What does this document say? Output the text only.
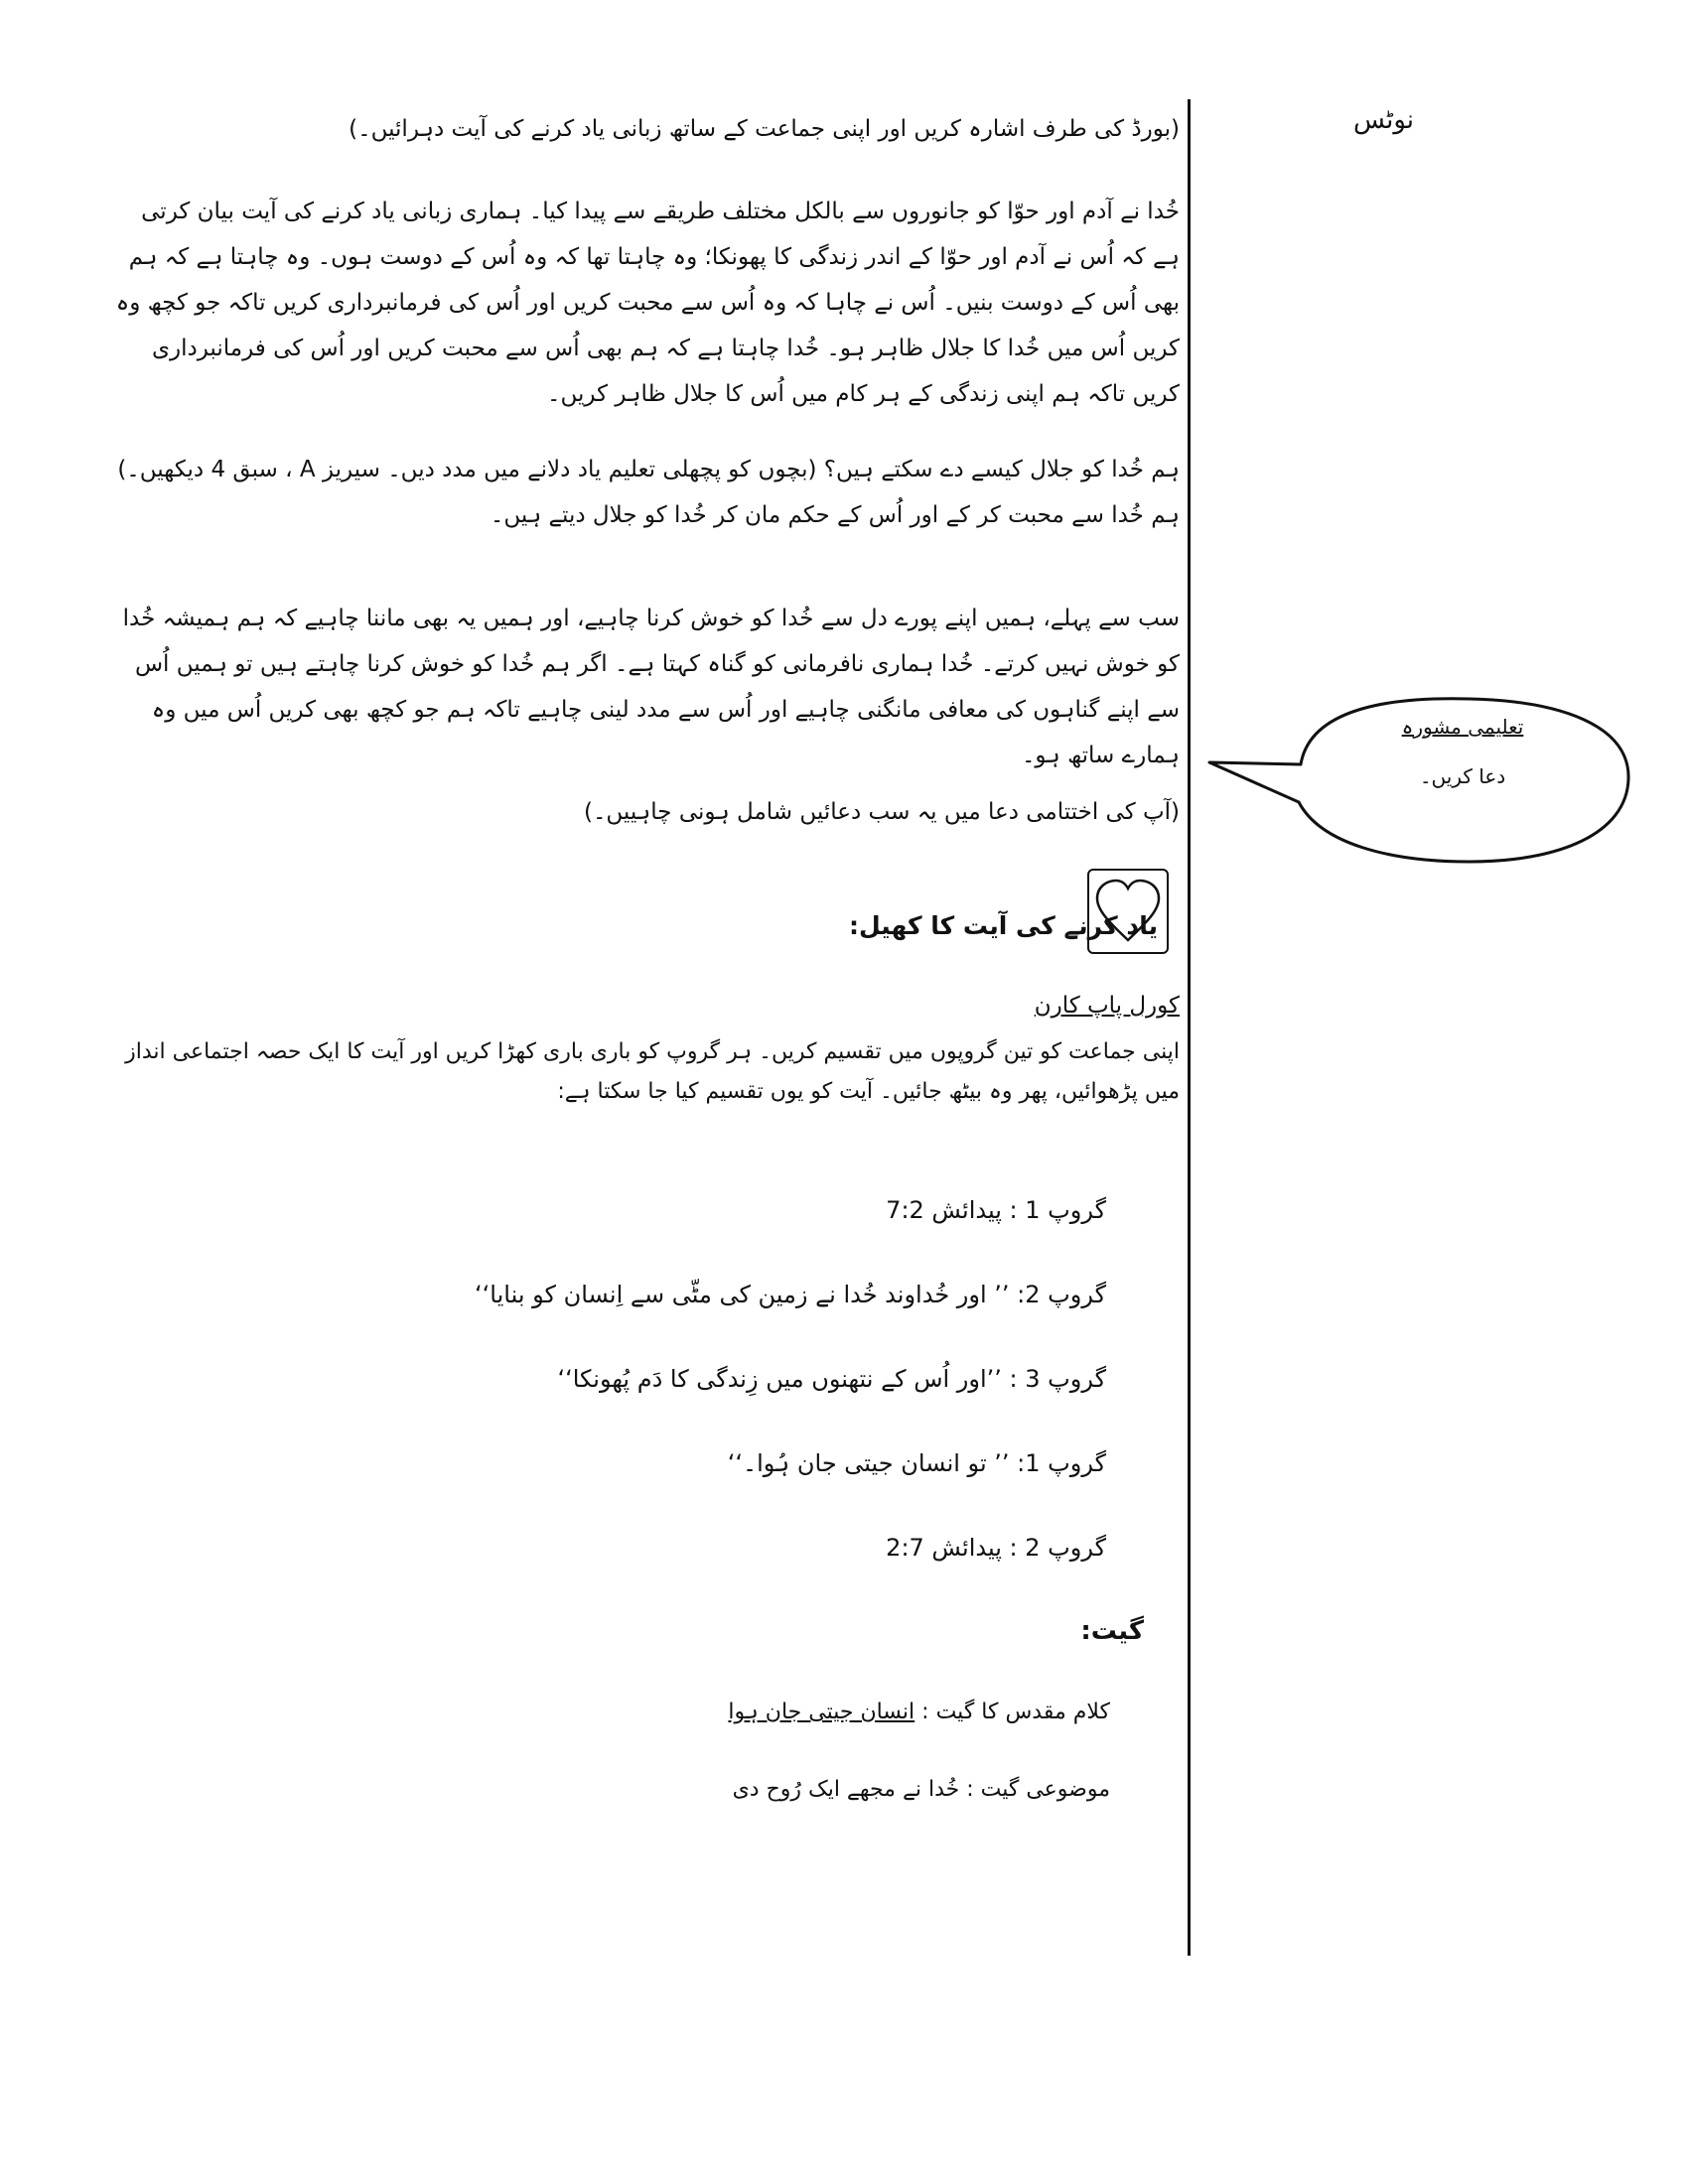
نوٹس
تعلیمی مشورہ
دعا کریں۔

(بورڈ کی طرف اشارہ کریں اور اپنی جماعت کے ساتھ زبانی یاد کرنے کی آیت دہرائیں۔)

خُدا نے آدم اور حوّا کو جانوروں سے بالکل مختلف طریقے سے پیدا کیا۔ ہماری زبانی یاد کرنے کی آیت بیان کرتی ہے کہ اُس نے آدم اور حوّا کے اندر زندگی کا پھونکا؛ وہ چاہتا تھا کہ وہ اُس کے دوست ہوں۔ وہ چاہتا ہے کہ ہم بھی اُس کے دوست بنیں۔ اُس نے چاہا کہ وہ اُس سے محبت کریں اور اُس کی فرمانبرداری کریں تاکہ جو کچھ وہ کریں اُس میں خُدا کا جلال ظاہر ہو۔ خُدا چاہتا ہے کہ ہم بھی اُس سے محبت کریں اور اُس کی فرمانبرداری کریں تاکہ ہم اپنی زندگی کے ہر کام میں اُس کا جلال ظاہر کریں۔

ہم خُدا کو جلال کیسے دے سکتے ہیں؟ (بچوں کو پچھلی تعلیم یاد دلانے میں مدد دیں۔ سیریز A ، سبق 4 دیکھیں۔) ہم خُدا سے محبت کر کے اور اُس کے حکم مان کر خُدا کو جلال دیتے ہیں۔

سب سے پہلے، ہمیں اپنے پورے دل سے خُدا کو خوش کرنا چاہیے، اور ہمیں یہ بھی ماننا چاہیے کہ ہم ہمیشہ خُدا کو خوش نہیں کرتے۔ خُدا ہماری نافرمانی کو گناہ کہتا ہے۔ اگر ہم خُدا کو خوش کرنا چاہتے ہیں تو ہمیں اُس سے اپنے گناہوں کی معافی مانگنی چاہیے اور اُس سے مدد لینی چاہیے تاکہ ہم جو کچھ بھی کریں اُس میں وہ ہمارے ساتھ ہو۔

(آپ کی اختتامی دعا میں یہ سب دعائیں شامل ہونی چاہییں۔)

یاد کرنے کی آیت کا کھیل:
کورل پاپ کارن
اپنی جماعت کو تین گروپوں میں تقسیم کریں۔ ہر گروپ کو باری باری کھڑا کریں اور آیت کا ایک حصہ اجتماعی انداز میں پڑھوائیں، پھر وہ بیٹھ جائیں۔ آیت کو یوں تقسیم کیا جا سکتا ہے:
گروپ 1 : پیدائش 7:2
گروپ 2: ’’ اور خُداوند خُدا نے زمین کی مٹّی سے اِنسان کو بنایا‘‘
گروپ 3 : ’’اور اُس کے نتھنوں میں زِندگی کا دَم پُھونکا‘‘
گروپ 1: ’’ تو انسان جیتی جان ہُوا۔‘‘
گروپ 2 : پیدائش 2:7
گیت:
کلام مقدس کا گیت : انسان جیتی جان ہوا
موضوعی گیت : خُدا نے مجھے ایک رُوح دی
